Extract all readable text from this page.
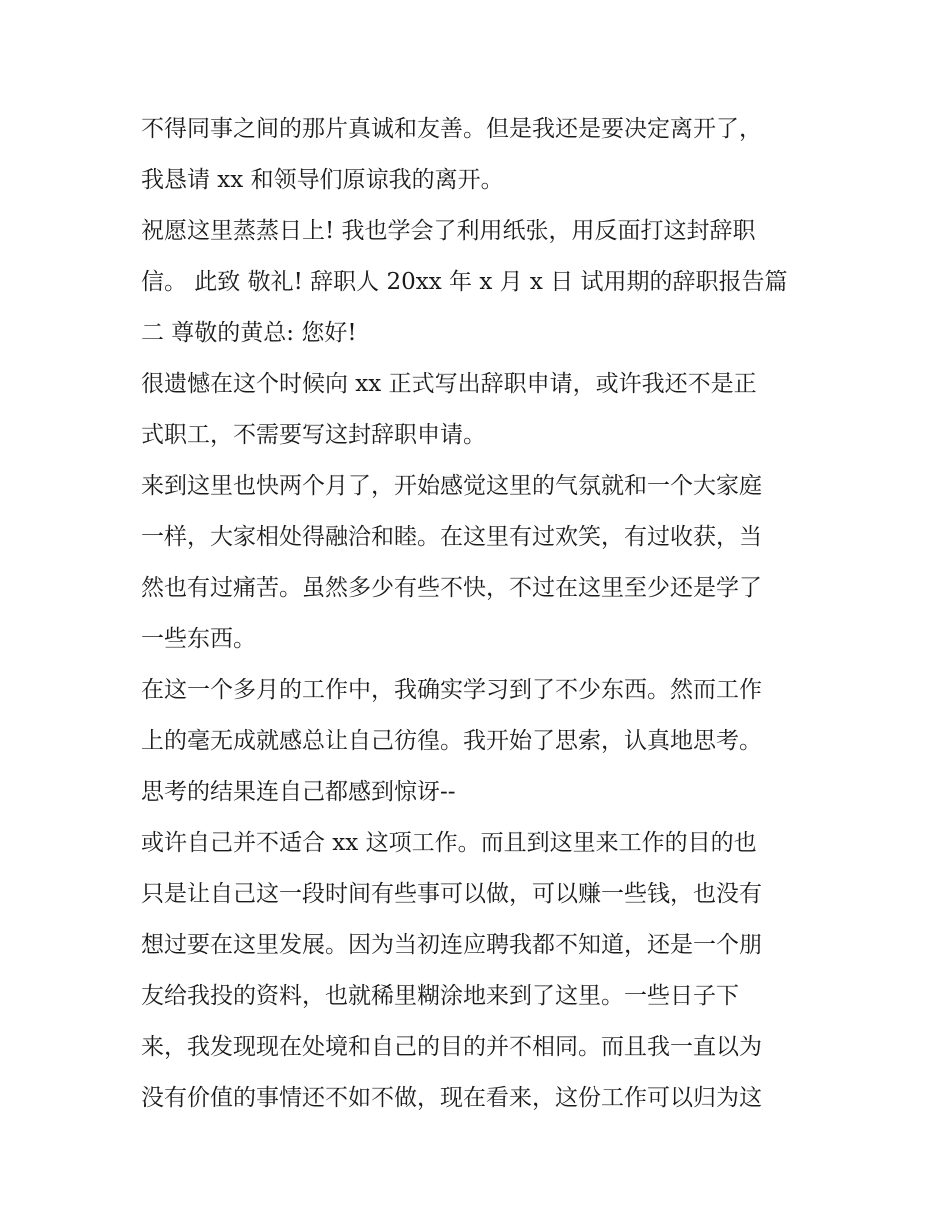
不得同事之间的那片真诚和友善。但是我还是要决定离开了，
我恳请 xx 和领导们原谅我的离开。
祝愿这里蒸蒸日上! 我也学会了利用纸张，用反面打这封辞职
信。 此致 敬礼! 辞职人 20xx 年 x 月 x 日 试用期的辞职报告篇
二 尊敬的黄总: 您好!
很遗憾在这个时候向 xx 正式写出辞职申请，或许我还不是正
式职工，不需要写这封辞职申请。
来到这里也快两个月了，开始感觉这里的气氛就和一个大家庭
一样，大家相处得融洽和睦。在这里有过欢笑，有过收获，当
然也有过痛苦。虽然多少有些不快，不过在这里至少还是学了
一些东西。
在这一个多月的工作中，我确实学习到了不少东西。然而工作
上的毫无成就感总让自己彷徨。我开始了思索，认真地思考。
思考的结果连自己都感到惊讶--
或许自己并不适合 xx 这项工作。而且到这里来工作的目的也
只是让自己这一段时间有些事可以做，可以赚一些钱，也没有
想过要在这里发展。因为当初连应聘我都不知道，还是一个朋
友给我投的资料，也就稀里糊涂地来到了这里。一些日子下
来，我发现现在处境和自己的目的并不相同。而且我一直以为
没有价值的事情还不如不做，现在看来，这份工作可以归为这
